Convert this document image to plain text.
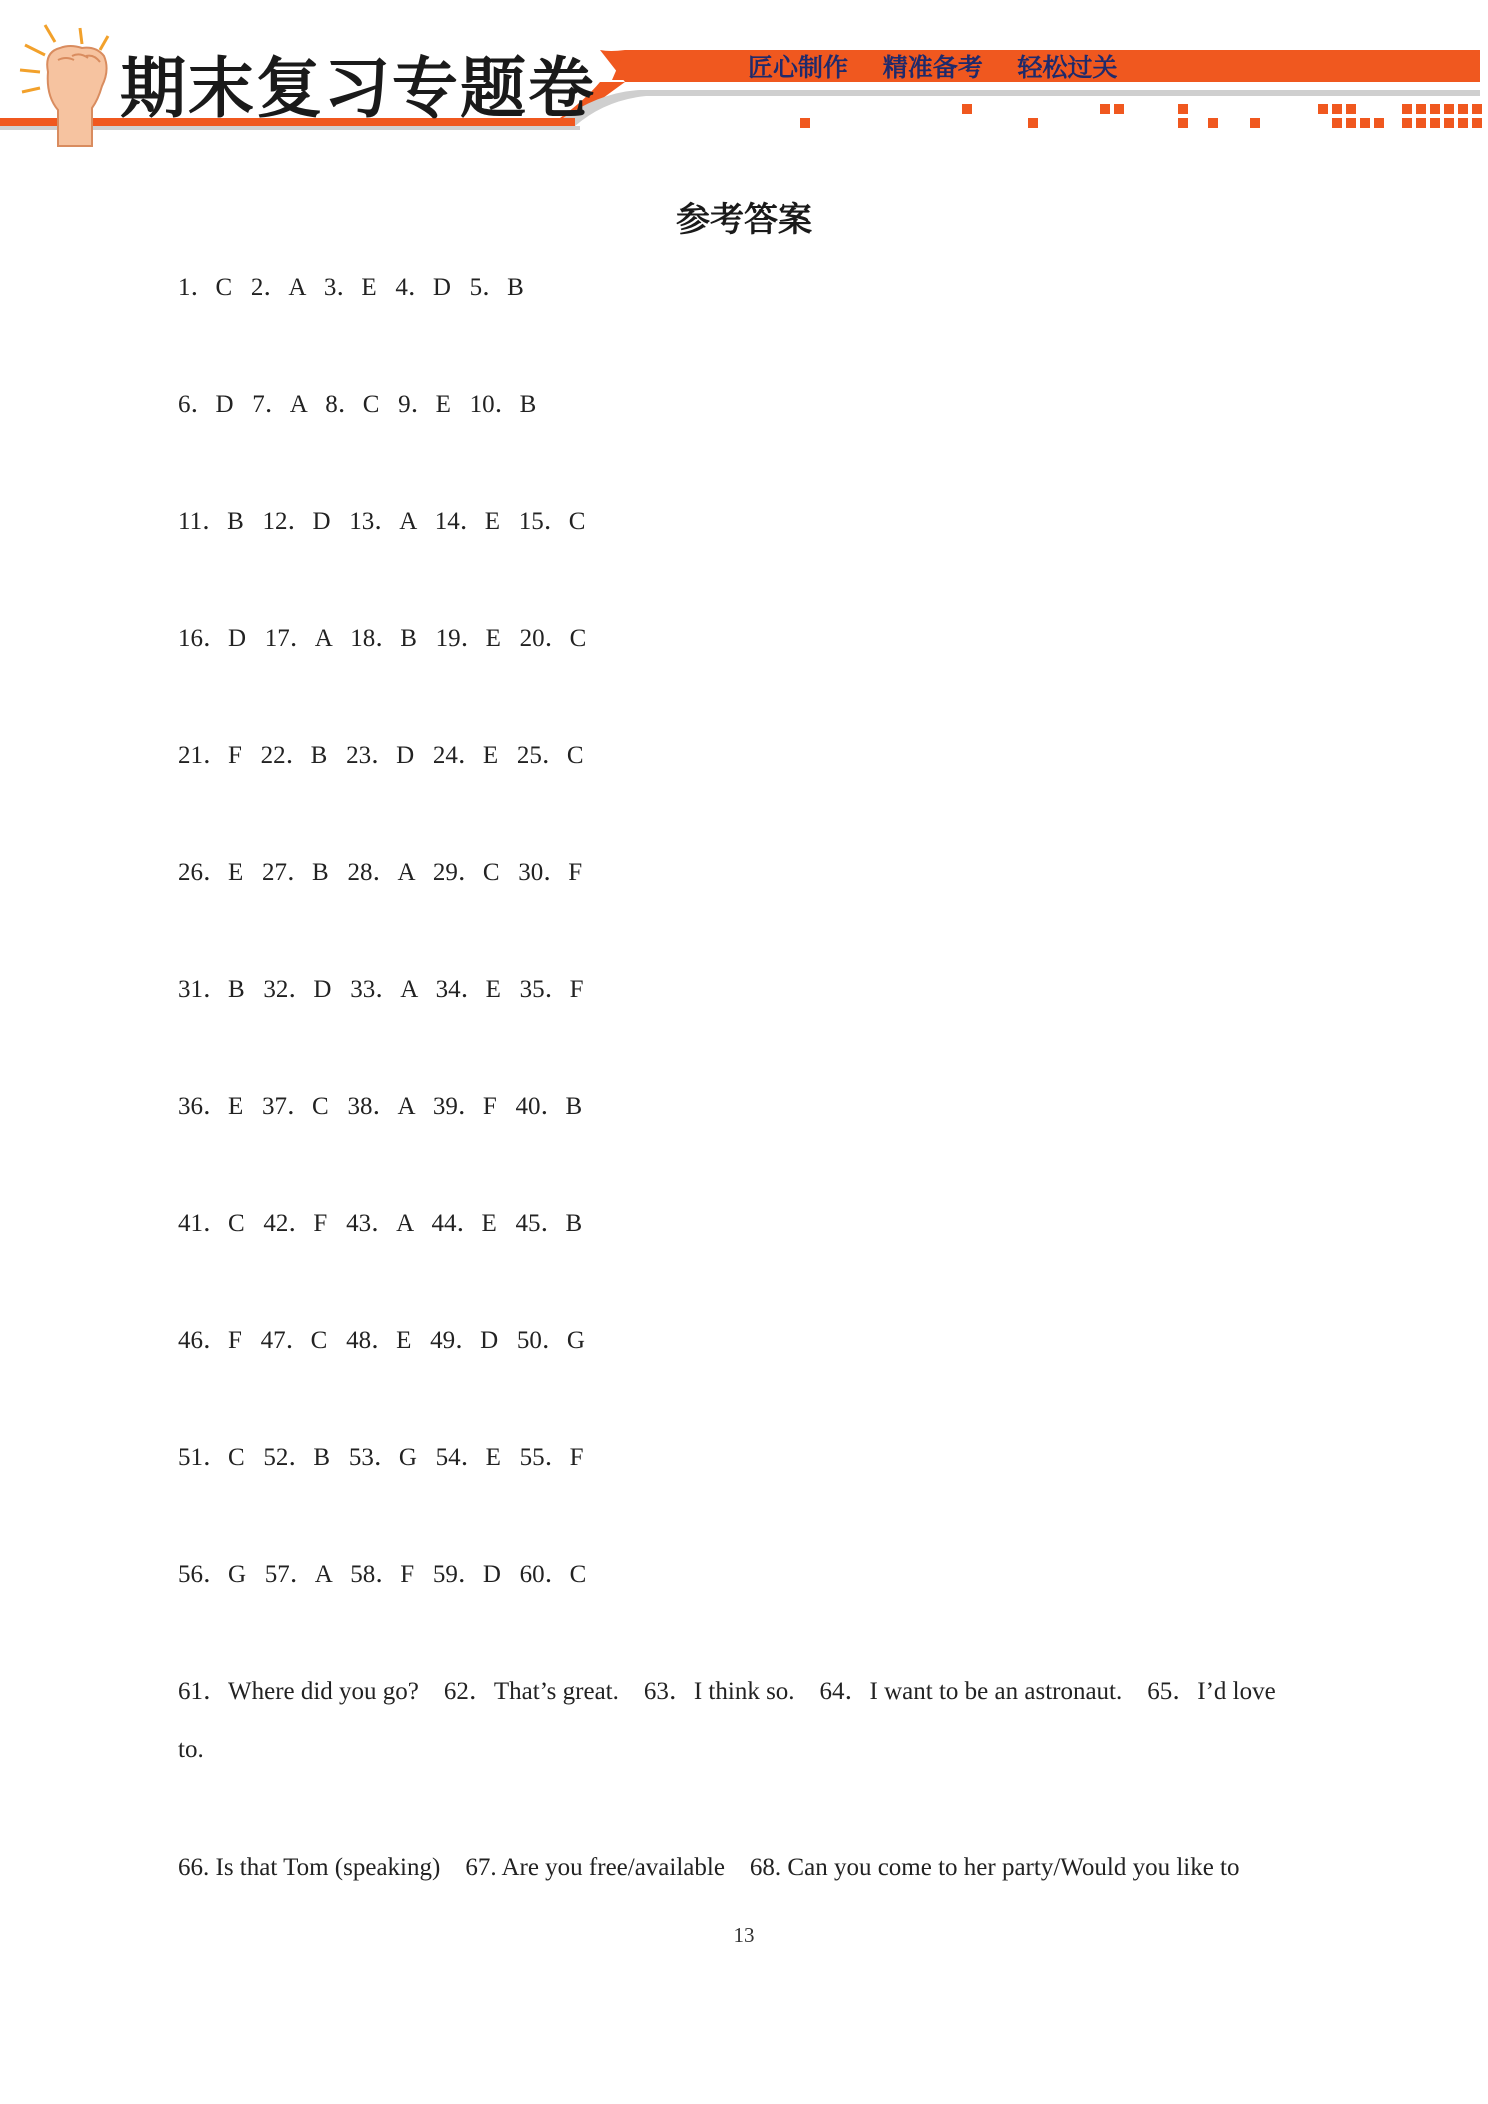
期末复习专题卷	匠心制作 精准备考 轻松过关
参考答案
1．C   2．A   3．E   4．D   5．B
6．D   7．A   8．C   9．E   10．B
11．B   12．D   13．A   14．E   15．C
16．D   17．A   18．B   19．E   20．C
21．F   22．B   23．D   24．E   25．C
26．E   27．B   28．A   29．C   30．F
31．B   32．D   33．A   34．E   35．F
36．E   37．C   38．A   39．F   40．B
41．C   42．F   43．A   44．E   45．B
46．F   47．C   48．E   49．D   50．G
51．C   52．B   53．G   54．E   55．F
56．G   57．A   58．F   59．D   60．C
61．Where did you go?    62．That’s great.    63．I think so.    64．I want to be an astronaut.    65．I’d love
to.
66. Is that Tom (speaking)    67. Are you free/available    68. Can you come to her party/Would you like to
13
